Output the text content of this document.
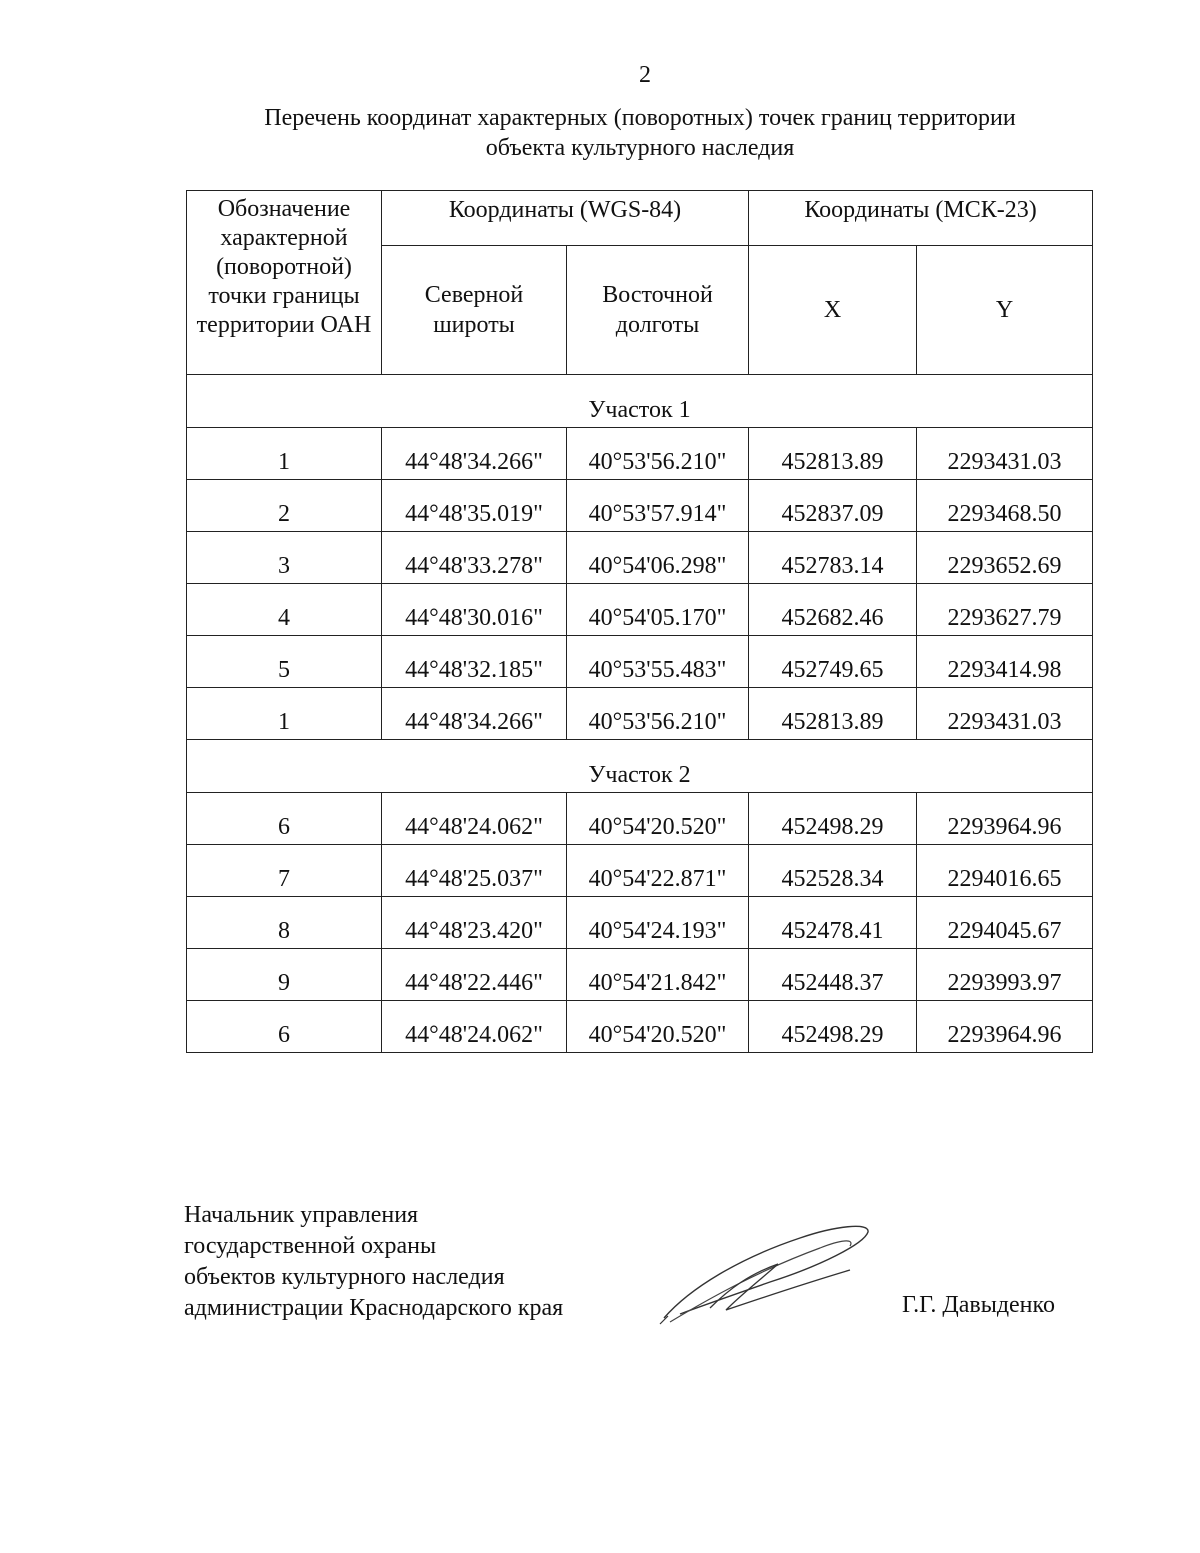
2
Перечень координат характерных (поворотных) точек границ территории
объекта культурного наследия
Обозначение характерной (поворотной) точки границы территории ОАН	Координаты (WGS-84)		Координаты (МСК-23)	
	Северной широты	Восточной долготы	X	Y
Участок 1				
1	44°48'34.266"	40°53'56.210"	452813.89	2293431.03
2	44°48'35.019"	40°53'57.914"	452837.09	2293468.50
3	44°48'33.278"	40°54'06.298"	452783.14	2293652.69
4	44°48'30.016"	40°54'05.170"	452682.46	2293627.79
5	44°48'32.185"	40°53'55.483"	452749.65	2293414.98
1	44°48'34.266"	40°53'56.210"	452813.89	2293431.03
Участок 2				
6	44°48'24.062"	40°54'20.520"	452498.29	2293964.96
7	44°48'25.037"	40°54'22.871"	452528.34	2294016.65
8	44°48'23.420"	40°54'24.193"	452478.41	2294045.67
9	44°48'22.446"	40°54'21.842"	452448.37	2293993.97
6	44°48'24.062"	40°54'20.520"	452498.29	2293964.96
Начальник управления
государственной охраны
объектов культурного наследия
администрации Краснодарского края	Г.Г. Давыденко
